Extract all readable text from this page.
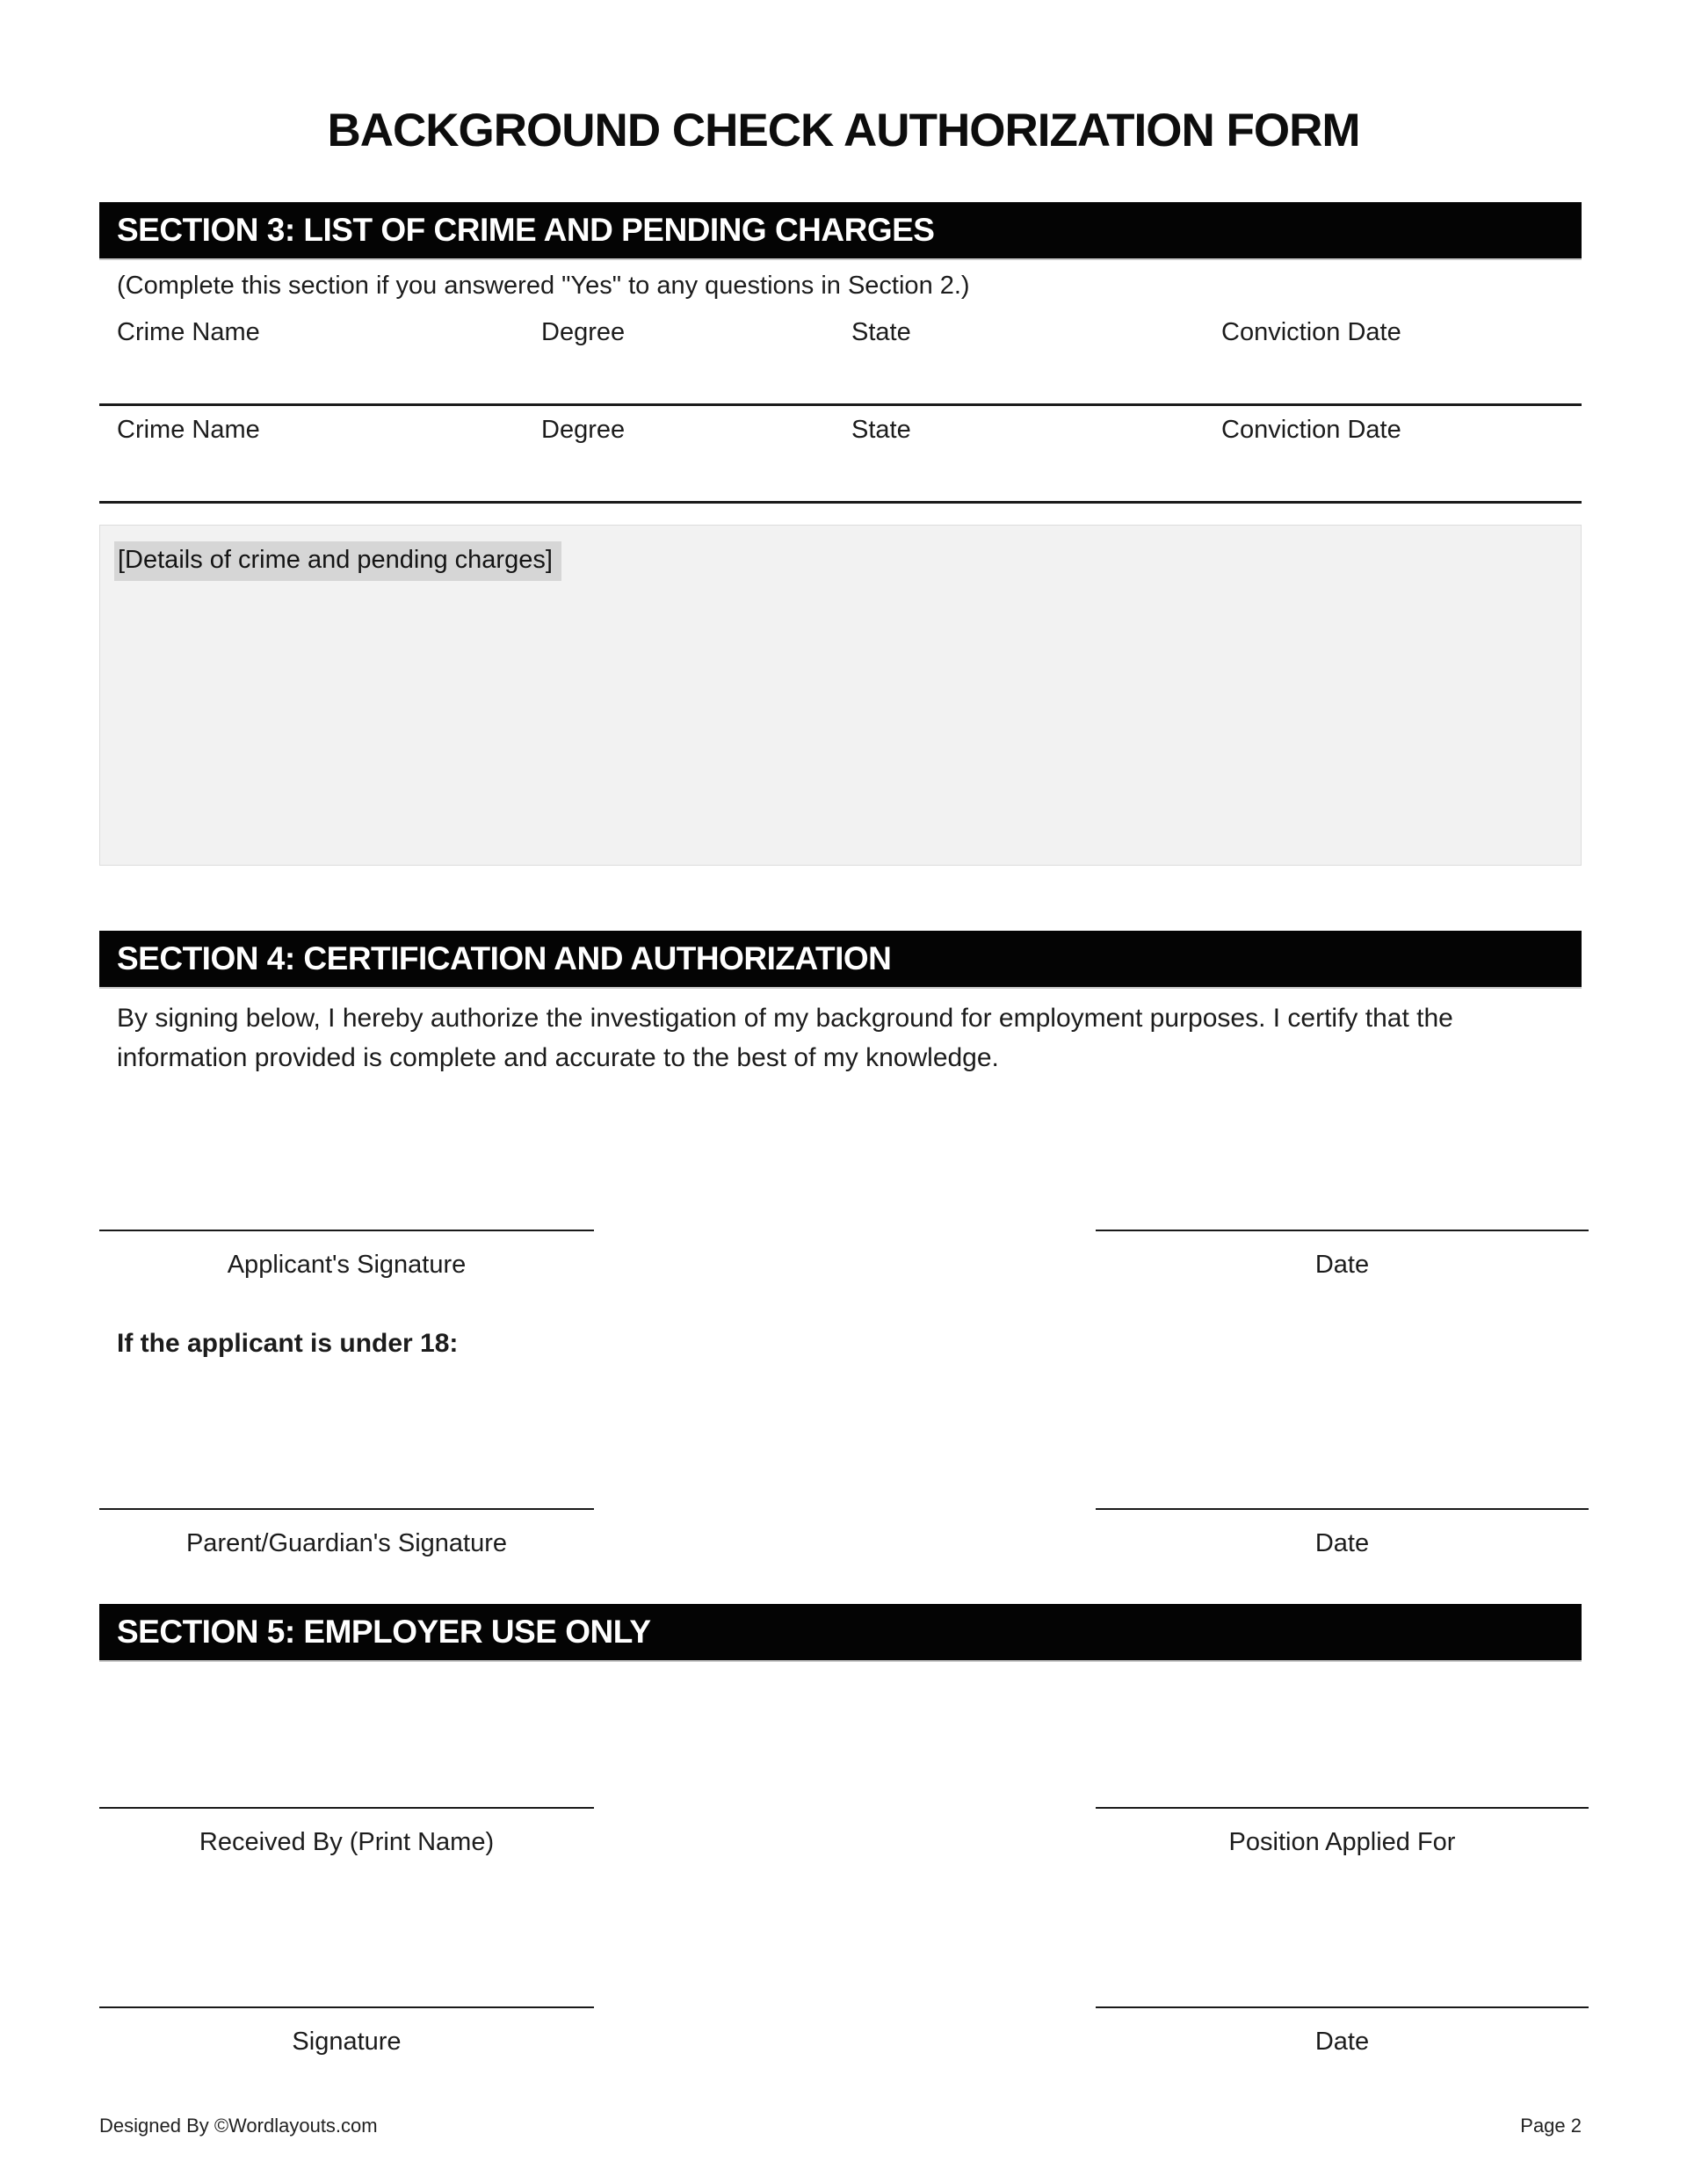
BACKGROUND CHECK AUTHORIZATION FORM
SECTION 3: LIST OF CRIME AND PENDING CHARGES
(Complete this section if you answered "Yes" to any questions in Section 2.)
Crime Name	Degree	State	Conviction Date
Crime Name	Degree	State	Conviction Date
[Details of crime and pending charges]
SECTION 4: CERTIFICATION AND AUTHORIZATION
By signing below, I hereby authorize the investigation of my background for employment purposes. I certify that the information provided is complete and accurate to the best of my knowledge.
Applicant's Signature	Date
If the applicant is under 18:
Parent/Guardian's Signature	Date
SECTION 5: EMPLOYER USE ONLY
Received By (Print Name)	Position Applied For
Signature	Date
Designed By ©Wordlayouts.com	Page 2
